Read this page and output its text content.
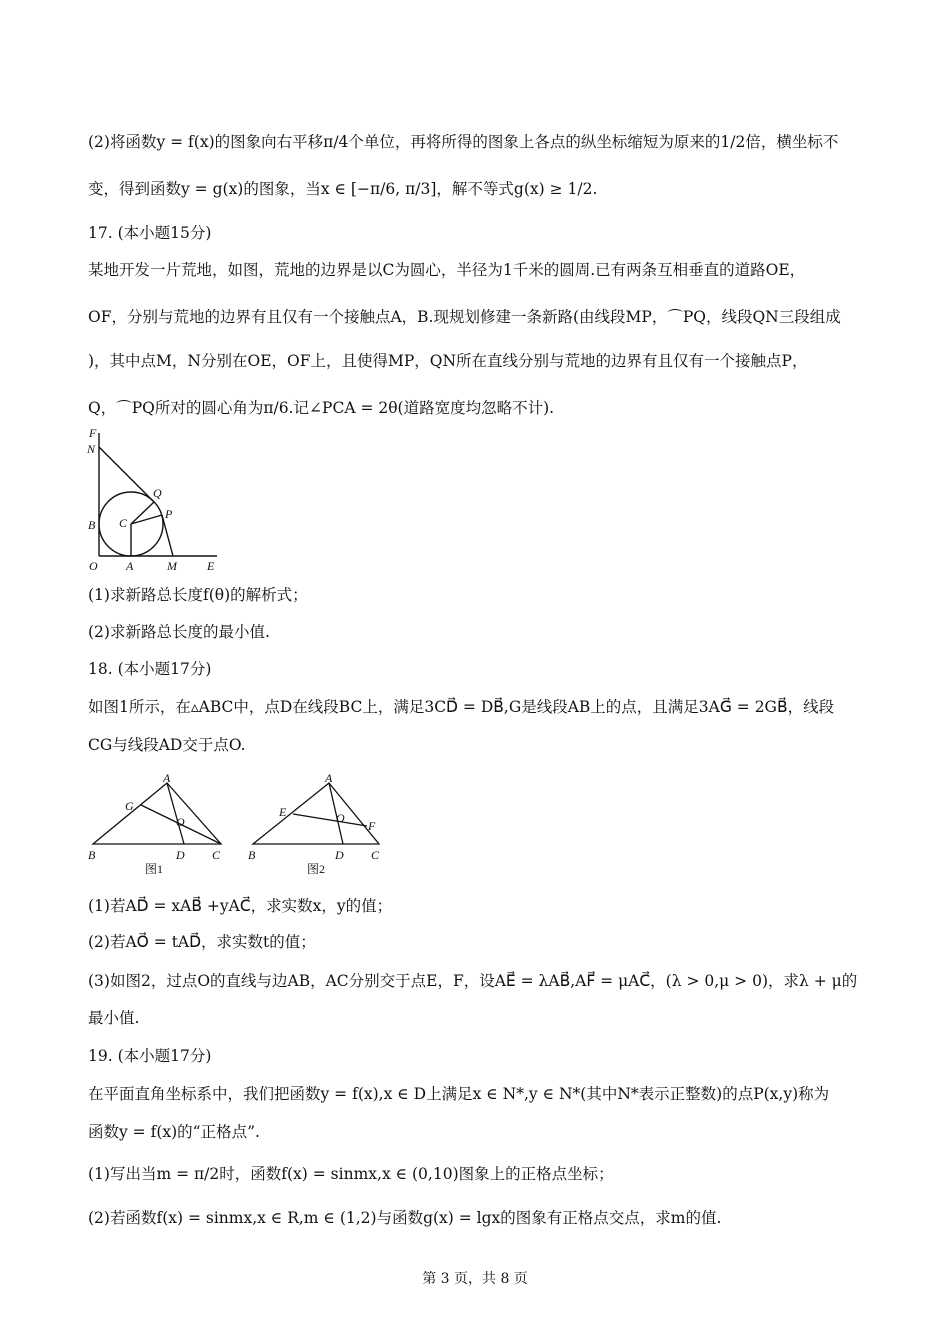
(2)将函数y = f(x)的图象向右平移π/4个单位，再将所得的图象上各点的纵坐标缩短为原来的1/2倍，横坐标不
变，得到函数y = g(x)的图象，当x ∈ [−π/6, π/3]，解不等式g(x) ≥ 1/2.
17. (本小题15分)
某地开发一片荒地，如图，荒地的边界是以C为圆心，半径为1千米的圆周.已有两条互相垂直的道路OE，
OF，分别与荒地的边界有且仅有一个接触点A，B.现规划修建一条新路(由线段MP，⌒PQ，线段QN三段组成
)，其中点M，N分别在OE，OF上，且使得MP，QN所在直线分别与荒地的边界有且仅有一个接触点P，
Q，⌒PQ所对的圆心角为π/6.记∠PCA = 2θ(道路宽度均忽略不计).
F
N
Q
P
C
B
O A	M	E
(1)求新路总长度f(θ)的解析式；
(2)求新路总长度的最小值.
18. (本小题17分)
如图1所示，在▵ABC中，点D在线段BC上，满足3CD⃗ = DB⃗,G是线段AB上的点，且满足3AG⃗ = 2GB⃗，线段
CG与线段AD交于点O.
A
G
O
B	D C
图1
A
E	O
F
B	D C
图2
(1)若AD⃗ = xAB⃗ +yAC⃗，求实数x，y的值；
(2)若AO⃗ = tAD⃗，求实数t的值；
(3)如图2，过点O的直线与边AB，AC分别交于点E，F，设AE⃗ = λAB⃗,AF⃗ = μAC⃗，(λ > 0,μ > 0)，求λ + μ的
最小值.
19. (本小题17分)
在平面直角坐标系中，我们把函数y = f(x),x ∈ D上满足x ∈ N*,y ∈ N*(其中N*表示正整数)的点P(x,y)称为
函数y = f(x)的“正格点”.
(1)写出当m = π/2时，函数f(x) = sinmx,x ∈ (0,10)图象上的正格点坐标；
(2)若函数f(x) = sinmx,x ∈ R,m ∈ (1,2)与函数g(x) = lgx的图象有正格点交点，求m的值.
第 3 页，共 8 页
